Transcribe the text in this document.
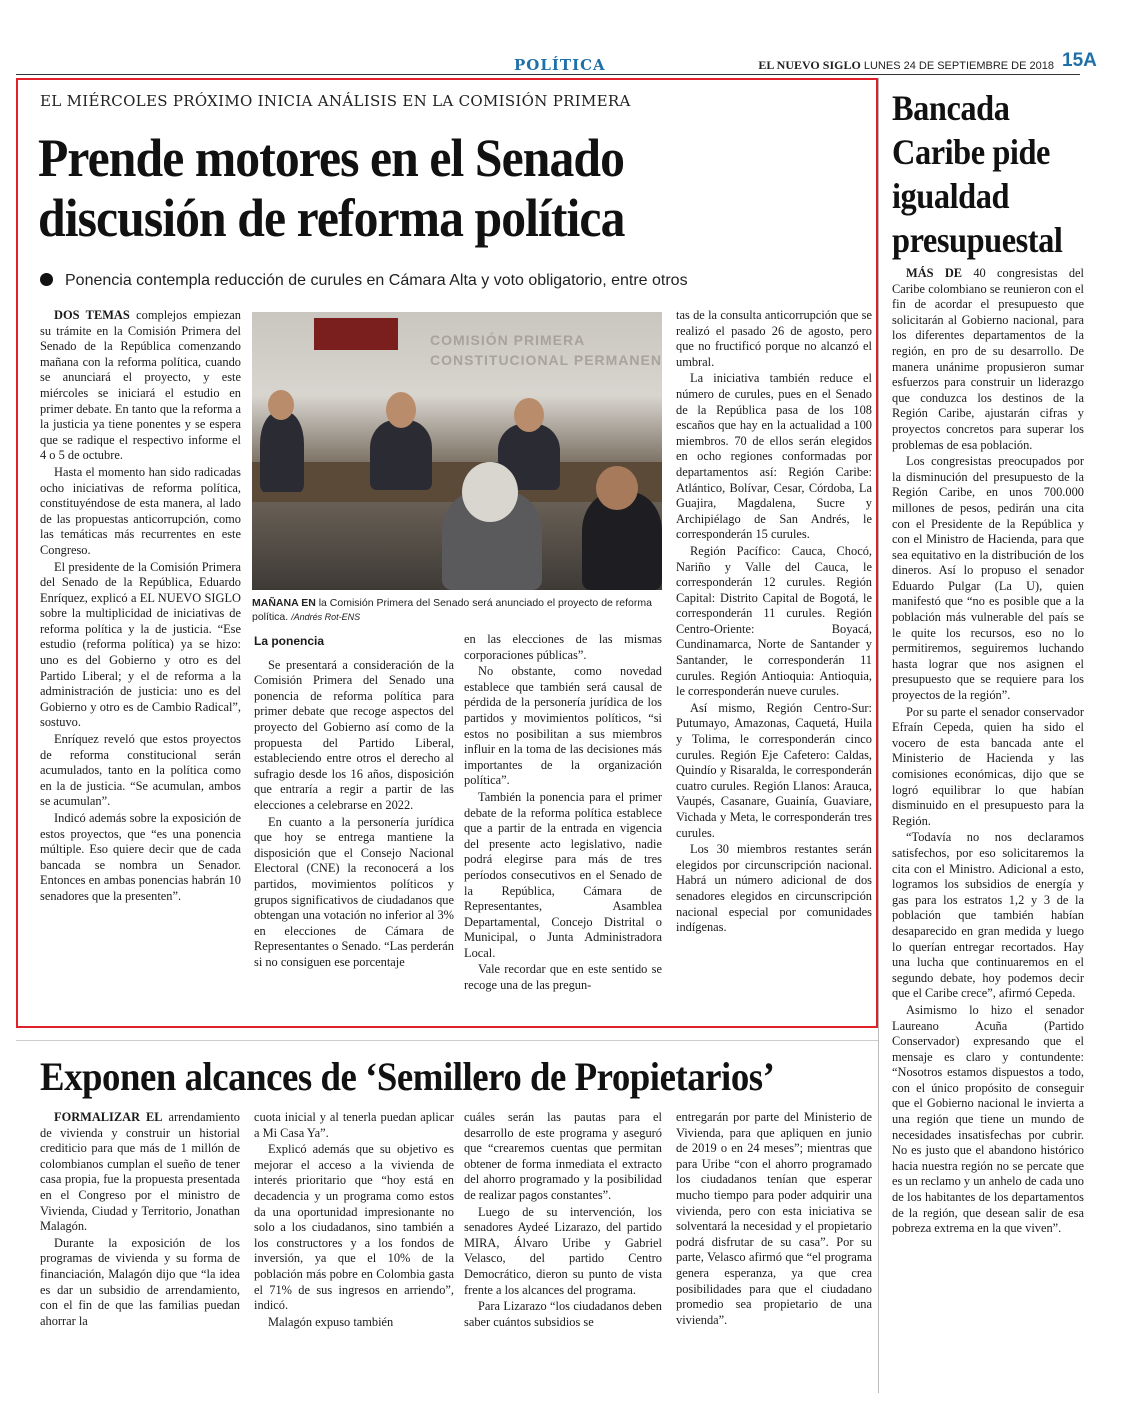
POLÍTICA	EL NUEVO SIGLO LUNES 24 DE SEPTIEMBRE DE 2018 15A
EL MIÉRCOLES PRÓXIMO INICIA ANÁLISIS EN LA COMISIÓN PRIMERA
Prende motores en el Senado discusión de reforma política
Ponencia contempla reducción de curules en Cámara Alta y voto obligatorio, entre otros

DOS TEMAS complejos empiezan su trámite en la Comisión Primera del Senado de la República comenzando mañana con la reforma política, cuando se anunciará el proyecto, y este miércoles se iniciará el estudio en primer debate. En tanto que la reforma a la justicia ya tiene ponentes y se espera que se radique el respectivo informe el 4 o 5 de octubre.

Hasta el momento han sido radicadas ocho iniciativas de reforma política, constituyéndose de esta manera, al lado de las propuestas anticorrupción, como las temáticas más recurrentes en este Congreso.

El presidente de la Comisión Primera del Senado de la República, Eduardo Enríquez, explicó a EL NUEVO SIGLO sobre la multiplicidad de iniciativas de reforma política y la de justicia. “Ese estudio (reforma política) ya se hizo: uno es del Gobierno y otro es del Partido Liberal; y el de reforma a la administración de justicia: uno es del Gobierno y otro es de Cambio Radical”, sostuvo.

Enríquez reveló que estos proyectos de reforma constitucional serán acumulados, tanto en la política como en la de justicia. “Se acumulan, ambos se acumulan”.

Indicó además sobre la exposición de estos proyectos, que “es una ponencia múltiple. Eso quiere decir que de cada bancada se nombra un Senador. Entonces en ambas ponencias habrán 10 senadores que la presenten”.

COMISIÓN PRIMERA CONSTITUCIONAL PERMANEN
MAÑANA EN la Comisión Primera del Senado será anunciado el proyecto de reforma política. /Andrés Rot-ENS
La ponencia

Se presentará a consideración de la Comisión Primera del Senado una ponencia de reforma política para primer debate que recoge aspectos del proyecto del Gobierno así como de la propuesta del Partido Liberal, estableciendo entre otros el derecho al sufragio desde los 16 años, disposición que entraría a regir a partir de las elecciones a celebrarse en 2022.

En cuanto a la personería jurídica que hoy se entrega mantiene la disposición que el Consejo Nacional Electoral (CNE) la reconocerá a los partidos, movimientos políticos y grupos significativos de ciudadanos que obtengan una votación no inferior al 3% en elecciones de Cámara de Representantes o Senado. “Las perderán si no consiguen ese porcentaje

en las elecciones de las mismas corporaciones públicas”.

No obstante, como novedad establece que también será causal de pérdida de la personería jurídica de los partidos y movimientos políticos, “si estos no posibilitan a sus miembros influir en la toma de las decisiones más importantes de la organización política”.

También la ponencia para el primer debate de la reforma política establece que a partir de la entrada en vigencia del presente acto legislativo, nadie podrá elegirse para más de tres períodos consecutivos en el Senado de la República, Cámara de Representantes, Asamblea Departamental, Concejo Distrital o Municipal, o Junta Administradora Local.

Vale recordar que en este sentido se recoge una de las pregun-

tas de la consulta anticorrupción que se realizó el pasado 26 de agosto, pero que no fructificó porque no alcanzó el umbral.

La iniciativa también reduce el número de curules, pues en el Senado de la República pasa de los 108 escaños que hay en la actualidad a 100 miembros. 70 de ellos serán elegidos en ocho regiones conformadas por departamentos así: Región Caribe: Atlántico, Bolívar, Cesar, Córdoba, La Guajira, Magdalena, Sucre y Archipiélago de San Andrés, le corresponderán 15 curules.

Región Pacífico: Cauca, Chocó, Nariño y Valle del Cauca, le corresponderán 12 curules. Región Capital: Distrito Capital de Bogotá, le corresponderán 11 curules. Región Centro-Oriente: Boyacá, Cundinamarca, Norte de Santander y Santander, le corresponderán 11 curules. Región Antioquia: Antioquia, le corresponderán nueve curules.

Así mismo, Región Centro-Sur: Putumayo, Amazonas, Caquetá, Huila y Tolima, le corresponderán cinco curules. Región Eje Cafetero: Caldas, Quindío y Risaralda, le corresponderán cuatro curules. Región Llanos: Arauca, Vaupés, Casanare, Guainía, Guaviare, Vichada y Meta, le corresponderán tres curules.

Los 30 miembros restantes serán elegidos por circunscripción nacional. Habrá un número adicional de dos senadores elegidos en circunscripción nacional especial por comunidades indígenas.

Bancada Caribe pide igualdad presupuestal

MÁS DE 40 congresistas del Caribe colombiano se reunieron con el fin de acordar el presupuesto que solicitarán al Gobierno nacional, para los diferentes departamentos de la región, en pro de su desarrollo. De manera unánime propusieron sumar esfuerzos para construir un liderazgo que conduzca los destinos de la Región Caribe, ajustarán cifras y proyectos concretos para superar los problemas de esa población.

Los congresistas preocupados por la disminución del presupuesto de la Región Caribe, en unos 700.000 millones de pesos, pedirán una cita con el Presidente de la República y con el Ministro de Hacienda, para que sea equitativo en la distribución de los dineros. Así lo propuso el senador Eduardo Pulgar (La U), quien manifestó que “no es posible que a la población más vulnerable del país se le quite los recursos, eso no lo permitiremos, seguiremos luchando hasta lograr que nos asignen el presupuesto que se requiere para los proyectos de la región”.

Por su parte el senador conservador Efraín Cepeda, quien ha sido el vocero de esta bancada ante el Ministerio de Hacienda y las comisiones económicas, dijo que se logró equilibrar lo que habían disminuido en el presupuesto para la Región.

“Todavía no nos declaramos satisfechos, por eso solicitaremos la cita con el Ministro. Adicional a esto, logramos los subsidios de energía y gas para los estratos 1,2 y 3 de la población que también habían desaparecido en gran medida y luego lo querían entregar recortados. Hay una lucha que continuaremos en el segundo debate, hoy podemos decir que el Caribe crece”, afirmó Cepeda.

Asimismo lo hizo el senador Laureano Acuña (Partido Conservador) expresando que el mensaje es claro y contundente: “Nosotros estamos dispuestos a todo, con el único propósito de conseguir que el Gobierno nacional le invierta a una región que tiene un mundo de necesidades insatisfechas por cubrir. No es justo que el abandono histórico hacia nuestra región no se percate que es un reclamo y un anhelo de cada uno de los habitantes de los departamentos de la región, que desean salir de esa pobreza extrema en la que viven”.

Exponen alcances de ‘Semillero de Propietarios’

FORMALIZAR EL arrendamiento de vivienda y construir un historial crediticio para que más de 1 millón de colombianos cumplan el sueño de tener casa propia, fue la propuesta presentada en el Congreso por el ministro de Vivienda, Ciudad y Territorio, Jonathan Malagón.

Durante la exposición de los programas de vivienda y su forma de financiación, Malagón dijo que “la idea es dar un subsidio de arrendamiento, con el fin de que las familias puedan ahorrar la

cuota inicial y al tenerla puedan aplicar a Mi Casa Ya”.

Explicó además que su objetivo es mejorar el acceso a la vivienda de interés prioritario que “hoy está en decadencia y un programa como estos da una oportunidad impresionante no solo a los ciudadanos, sino también a los constructores y a los fondos de inversión, ya que el 10% de la población más pobre en Colombia gasta el 71% de sus ingresos en arriendo”, indicó.

Malagón expuso también

cuáles serán las pautas para el desarrollo de este programa y aseguró que “crearemos cuentas que permitan obtener de forma inmediata el extracto del ahorro programado y la posibilidad de realizar pagos constantes”.

Luego de su intervención, los senadores Aydeé Lizarazo, del partido MIRA, Álvaro Uribe y Gabriel Velasco, del partido Centro Democrático, dieron su punto de vista frente a los alcances del programa.

Para Lizarazo “los ciudadanos deben saber cuántos subsidios se

entregarán por parte del Ministerio de Vivienda, para que apliquen en junio de 2019 o en 24 meses”; mientras que para Uribe “con el ahorro programado los ciudadanos tenían que esperar mucho tiempo para poder adquirir una vivienda, pero con esta iniciativa se solventará la necesidad y el propietario podrá disfrutar de su casa”. Por su parte, Velasco afirmó que “el programa genera esperanza, ya que crea posibilidades para que el ciudadano promedio sea propietario de una vivienda”.
